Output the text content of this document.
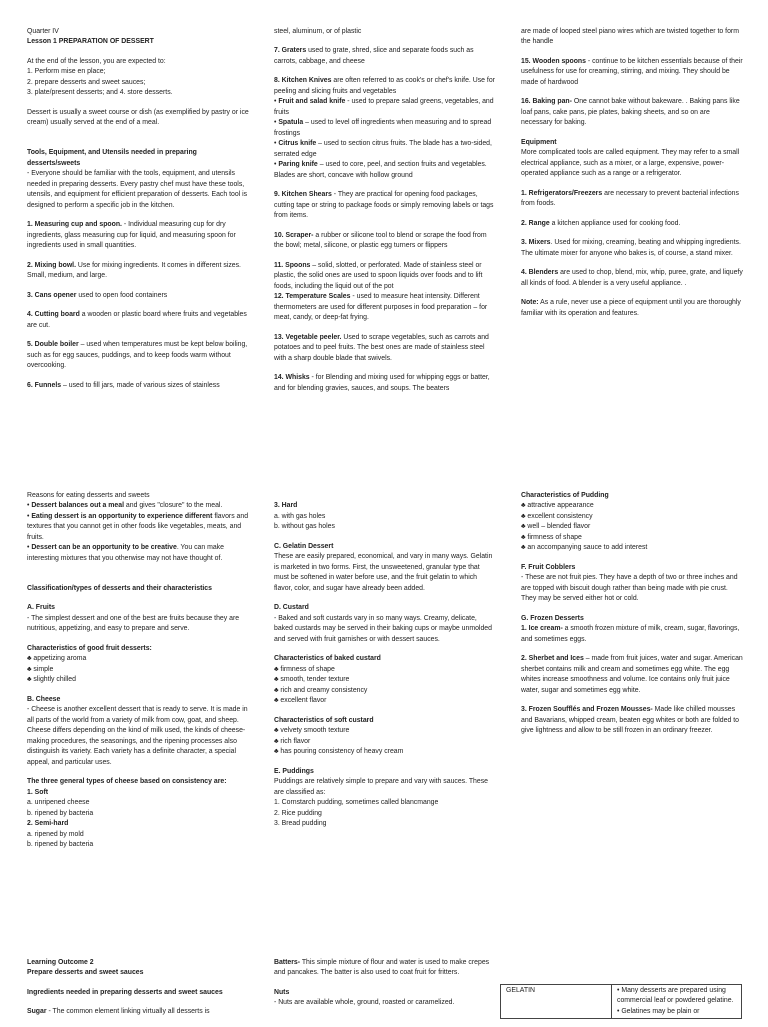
Quarter IV
Lesson 1 PREPARATION OF DESSERT
At the end of the lesson, you are expected to:
1. Perform mise en place;
2. prepare desserts and sweet sauces;
3. plate/present desserts; and 4. store desserts.
Dessert is usually a sweet course or dish (as exemplified by pastry or ice cream) usually served at the end of a meal.

Tools, Equipment, and Utensils needed in preparing desserts/sweets
- Everyone should be familiar with the tools, equipment, and utensils needed in preparing desserts. Every pastry chef must have these tools, utensils, and equipment for efficient preparation of desserts. Each tool is designed to perform a specific job in the kitchen.
1. Measuring cup and spoon. - Individual measuring cup for dry ingredients, glass measuring cup for liquid, and measuring spoon for ingredients used in small quantities.
2. Mixing bowl. Use for mixing ingredients. It comes in different sizes. Small, medium, and large.
3. Cans opener used to open food containers
4. Cutting board a wooden or plastic board where fruits and vegetables are cut.
5. Double boiler – used when temperatures must be kept below boiling, such as for egg sauces, puddings, and to keep foods warm without overcooking.
6. Funnels – used to fill jars, made of various sizes of stainless
steel, aluminum, or of plastic
7. Graters used to grate, shred, slice and separate foods such as carrots, cabbage, and cheese
8. Kitchen Knives are often referred to as cook's or chef's knife. Use for peeling and slicing fruits and vegetables
• Fruit and salad knife - used to prepare salad greens, vegetables, and fruits
• Spatula – used to level off ingredients when measuring and to spread frostings
• Citrus knife – used to section citrus fruits. The blade has a two-sided, serrated edge
• Paring knife – used to core, peel, and section fruits and vegetables. Blades are short, concave with hollow ground
9. Kitchen Shears - They are practical for opening food packages, cutting tape or string to package foods or simply removing labels or tags from items.
10. Scraper- a rubber or silicone tool to blend or scrape the food from the bowl; metal, silicone, or plastic egg turners or flippers
11. Spoons – solid, slotted, or perforated. Made of stainless steel or plastic, the solid ones are used to spoon liquids over foods and to lift foods, including the liquid out of the pot
12. Temperature Scales - used to measure heat intensity. Different thermometers are used for different purposes in food preparation – for meat, candy, or deep-fat frying.
13. Vegetable peeler. Used to scrape vegetables, such as carrots and potatoes and to peel fruits. The best ones are made of stainless steel with a sharp double blade that swivels.
14. Whisks - for Blending and mixing used for whipping eggs or batter, and for blending gravies, sauces, and soups. The beaters
are made of looped steel piano wires which are twisted together to form the handle
15. Wooden spoons - continue to be kitchen essentials because of their usefulness for use for creaming, stirring, and mixing. They should be made of hardwood
16. Baking pan- One cannot bake without bakeware. . Baking pans like loaf pans, cake pans, pie plates, baking sheets, and so on are necessary for baking.
Equipment
More complicated tools are called equipment. They may refer to a small electrical appliance, such as a mixer, or a large, expensive, power-operated appliance such as a range or a refrigerator.
1. Refrigerators/Freezers are necessary to prevent bacterial infections from foods.
2. Range a kitchen appliance used for cooking food.
3. Mixers. Used for mixing, creaming, beating and whipping ingredients. The ultimate mixer for anyone who bakes is, of course, a stand mixer.
4. Blenders are used to chop, blend, mix, whip, puree, grate, and liquefy all kinds of food. A blender is a very useful appliance. .
Note: As a rule, never use a piece of equipment until you are thoroughly familiar with its operation and features.
Reasons for eating desserts and sweets
• Dessert balances out a meal and gives "closure" to the meal.
• Eating dessert is an opportunity to experience different flavors and textures that you cannot get in other foods like vegetables, meats, and fruits.
• Dessert can be an opportunity to be creative. You can make interesting mixtures that you otherwise may not have thought of.

Classification/types of desserts and their characteristics
A. Fruits
- The simplest dessert and one of the best are fruits because they are nutritious, appetizing, and easy to prepare and serve.
Characteristics of good fruit desserts:
♣ appetizing aroma
♣ simple
♣ slightly chilled
B. Cheese
- Cheese is another excellent dessert that is ready to serve. It is made in all parts of the world from a variety of milk from cow, goat, and sheep. Cheese differs depending on the kind of milk used, the kinds of cheese-making procedures, the seasonings, and the ripening processes also distinguish its variety. Each variety has a definite character, a special appeal, and particular uses.
The three general types of cheese based on consistency are:
1. Soft
a. unripened cheese
b. ripened by bacteria
2. Semi-hard
a. ripened by mold
b. ripened by bacteria

3. Hard
a. with gas holes
b. without gas holes
C. Gelatin Dessert
These are easily prepared, economical, and vary in many ways. Gelatin is marketed in two forms. First, the unsweetened, granular type that must be softened in water before use, and the fruit gelatin to which flavor, color, and sugar have already been added.
D. Custard
- Baked and soft custards vary in so many ways. Creamy, delicate, baked custards may be served in their baking cups or maybe unmolded and served with fruit garnishes or with dessert sauces.
Characteristics of baked custard
♣ firmness of shape
♣ smooth, tender texture
♣ rich and creamy consistency
♣ excellent flavor
Characteristics of soft custard
♣ velvety smooth texture
♣ rich flavor
♣ has pouring consistency of heavy cream
E. Puddings
Puddings are relatively simple to prepare and vary with sauces. These are classified as:
1. Cornstarch pudding, sometimes called blancmange
2. Rice pudding
3. Bread pudding
Characteristics of Pudding
♣ attractive appearance
♣ excellent consistency
♣ well – blended flavor
♣ firmness of shape
♣ an accompanying sauce to add interest
F. Fruit Cobblers
- These are not fruit pies. They have a depth of two or three inches and are topped with biscuit dough rather than being made with pie crust. They may be served either hot or cold.
G. Frozen Desserts
1. Ice cream- a smooth frozen mixture of milk, cream, sugar, flavorings, and sometimes eggs.
2. Sherbet and Ices – made from fruit juices, water and sugar. American sherbet contains milk and cream and sometimes egg white. The egg whites increase smoothness and volume. Ice contains only fruit juice water, sugar and sometimes egg white.
3. Frozen Soufflés and Frozen Mousses- Made like chilled mousses and Bavarians, whipped cream, beaten egg whites or both are folded to give lightness and allow to be still frozen in an ordinary freezer.
Learning Outcome 2
Prepare desserts and sweet sauces
Ingredients needed in preparing desserts and sweet sauces
Sugar - The common element linking virtually all desserts is
Batters- This simple mixture of flour and water is used to make crepes and pancakes. The batter is also used to coat fruit for fritters.
Nuts
- Nuts are available whole, ground, roasted or caramelized.
GELATIN	• Many desserts are prepared using commercial leaf or powdered gelatine.
• Gelatines may be plain or
